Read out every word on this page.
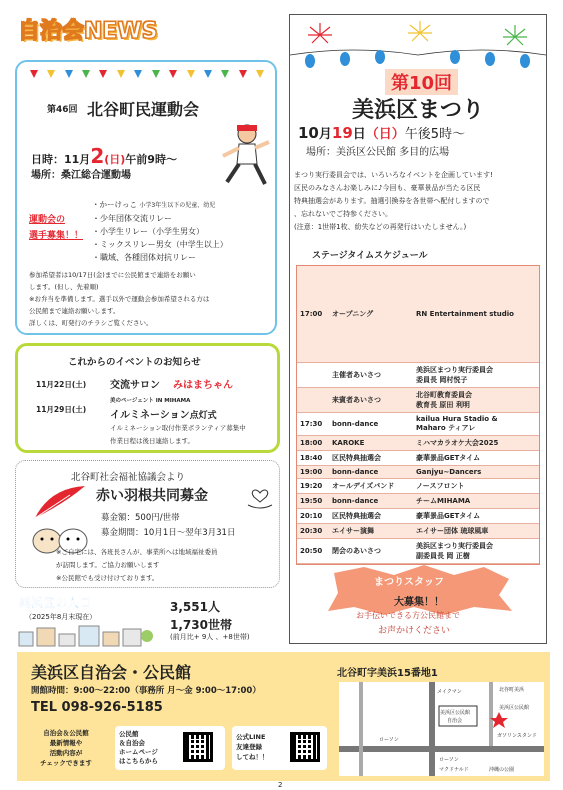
自治会NEWS
第46回 北谷町民運動会
日時：11月2(日)午前9時〜
場所：桑江総合運動場
運動会の
選手募集！！
・かーけっこ 小学3年生以下の児童、幼児
・少年団体交流リレー
・小学生リレー（小学生男女）
・ミックスリレー男女（中学生以上）
・職域、各種団体対抗リレー
参加希望者は10/17日(金)までに公民館まで連絡をお願い
します。(但し、先着順)
※お弁当を準備します。選手以外で運動会参加希望される方は
公民館まで連絡お願いします。
詳しくは、町発行のチラシご覧ください。
これからのイベントのお知らせ
11月22日(土) 交流サロン みはまちゃん
11月29日(土)
美のページェント IN MIHAMA
イルミネーション点灯式
イルミネーション取付作業ボランティア募集中
作業日程は後日連絡します。
北谷町社会福祉協議会より
赤い羽根共同募金
募金額：500円/世帯
募金期間：10月1日〜翌年3月31日
※ご自宅には、各班長さんが、事業所へは地域福祉委員
が訪問します。ご協力お願いします
※公民館でも受け付けております。
美浜区の人口
（2025年8月末現在）
3,551人
1,730世帯
(前月比+ 9人 、+8世帯)
第10回
美浜区まつり
10月19日（日）午後5時〜
場所：美浜区公民館 多目的広場
まつり実行委員会では、いろいろなイベントを企画しています!
区民のみなさんお楽しみに♪今回も、豪華景品が当たる区民
特典抽選会があります。抽選引換券を各世帯へ配付しますので
、忘れないでご持参ください。
(注意：1世帯1枚、紛失などの再発行はいたしません。)
ステージタイムスケジュール
17:00	オープニング	RN Entertainment studio

	主催者あいさつ	美浜区まつり実行委員会
委員長 岡村悦子

	来賓者あいさつ	北谷町教育委員会
教育長 原田 利明

17:30	bonn-dance	kailua Hura Stadio &
Maharo ティアレ

18:00	KAROKE	ミハマカラオケ大会2025

18:40	区民特典抽選会	豪華景品GETタイム

19:00	bonn-dance	Ganjyu~Dancers

19:20	オールデイズバンド	ノースフロント

19:50	bonn-dance	チームMIHAMA

20:10	区民特典抽選会	豪華景品GETタイム

20:30	エイサー演舞	エイサー団体 琉球風車

20:50	閉会のあいさつ	美浜区まつり実行委員会
副委員長 岡 正樹
まつりスタッフ
大募集！！
お手伝いできる方公民館まで
お声かけください
美浜区自治会・公民館
開館時間：9:00〜22:00（事務所 月〜金 9:00〜17:00）
TEL 098-926-5185
北谷町字美浜15番地1
自治会＆公民館
最新情報や
活動内容が
チェックできます
公民館
＆自治会
ホームページ
はこちらから
公式LINE
友達登録
してね！！
メイクマン
美浜区公民館
自治会
美浜区公民館
ローソン
ローソン
ガソリンスタンド
マクドナルド
北谷町美浜
沖縄の公園
2
